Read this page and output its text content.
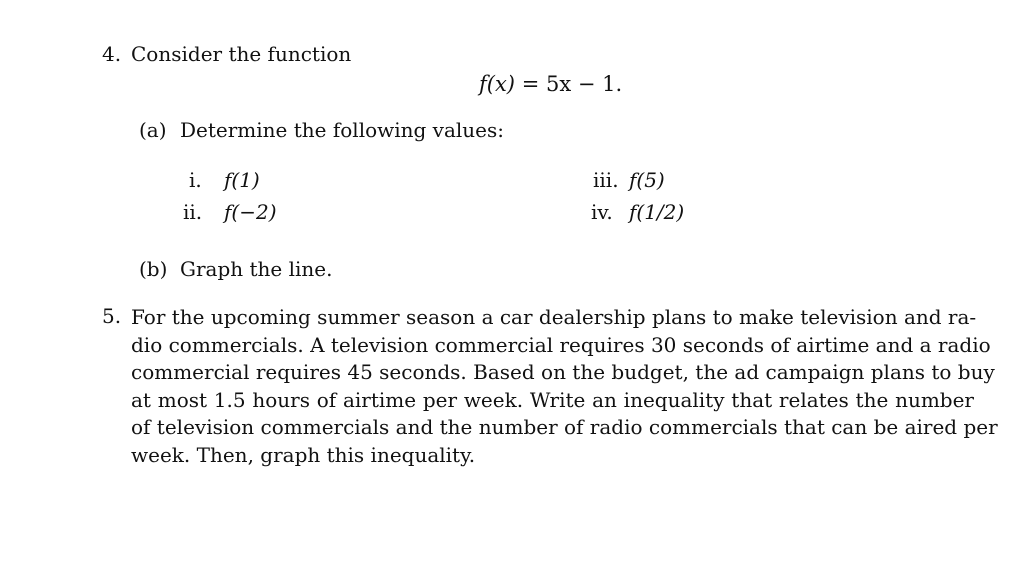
4. Consider the function
f(x) = 5x − 1.
(a) Determine the following values:
i. f(1)
ii. f(−2)
iii. f(5)
iv. f(1/2)
(b) Graph the line.
5. For the upcoming summer season a car dealership plans to make television and ra-
dio commercials. A television commercial requires 30 seconds of airtime and a radio
commercial requires 45 seconds. Based on the budget, the ad campaign plans to buy
at most 1.5 hours of airtime per week. Write an inequality that relates the number
of television commercials and the number of radio commercials that can be aired per
week. Then, graph this inequality.
